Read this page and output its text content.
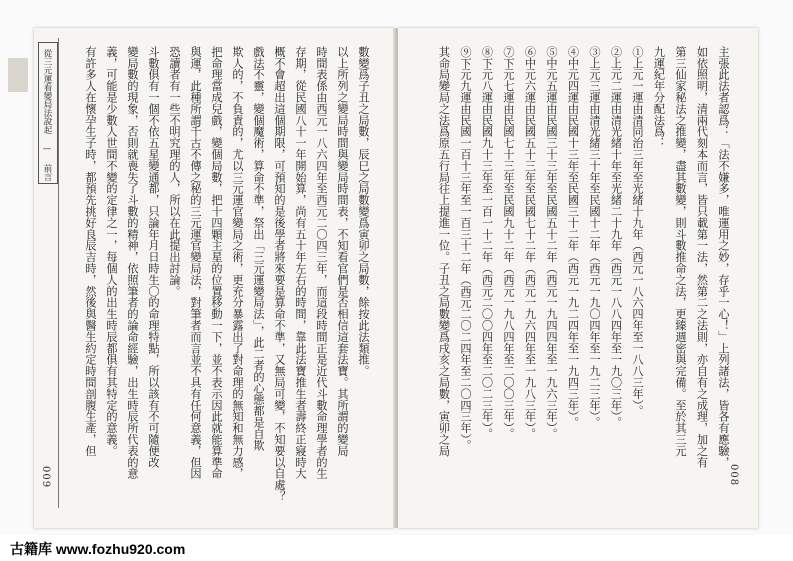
從三元運看變局法說起 — 前言
009
數變爲子丑之局數，辰巳之局數變爲寅卯之局數，餘按此法類推。
以上所列之變局時間與變局時間表，不知看官們是否相信這套法寶。其所謂的變局
時間表係由西元一八六四年至西元二〇四三年，而這段時間正是近代斗數命理學者的生
存期，從民國八十一年開始算，尚有五十年左右的時間，靠此法寶推生者壽終正寢時大
概不會超出這個期限，可預知的是後學者將來要是算命不準，又無局可變，不知要以自處？
戲法不靈，變個魔術，算命不準，祭出「三元運變局法」，此二者的心態都是自欺
欺人的，不負責的，尤以三元運官變局之術，更充分暴露出了對命理的無知和無力感，
把命理當成兒戲，變個局數，把十四顆主星的位置移動一下，並不表示因此就能算準命
與運，此種所謂千古不傳之秘的三元運官變局法，對筆者而言並不具有任何意義，但因
恐讀者有一些不明究理的人，所以在此提出討論。
斗數俱有一個不依五星變通都，只論年月日時生〇的命理特點，所以該有不可隨便改
變局數的現象，否則就喪失了斗數的精神，依照筆者的論命經驗，出生時辰所代表的意
義，可能是少數人世間不變的定律之一，每個人的出生時辰都俱有其特定的意義。
有許多人在懷孕生子時，都預先挑好良辰吉時，然後與醫生約定時間剖腹生產，但
008
主張此法者認爲：「法不嫌多，唯運用之妙，存乎一心！」上列諸法，皆各有應驗，
如依照明，清兩代刻本而言，皆只載第一法，然第二之法則，亦自有之成理，加之有
第三仙家秘法之推變，盡其數變，則斗數推命之法，更臻週密與完備。至於其三元
九運紀年分配法爲：
①上元一運由清同治三年至光緒十九年（西元一八六四年至一八八三年）。
②上元二運由清光緒十年至光緒二十九年（西元一八八四年至一九〇三年）。
③上元三運由清光緒三十年至民國十二年（西元一九〇四年至一九二三年）。
④中元四運由民國十三年至民國三十二年（西元一九二四年至一九四三年）。
⑤中元五運由民國三十三年至民國五十二年（西元一九四四年至一九六三年）。
⑥中元六運由民國五十三年至民國七十二年（西元一九六四年至一九八三年）。
⑦下元七運由民國七十三年至民國九十二年（西元一九八四年至二〇〇三年）。
⑧下元八運由民國九十三年至一百一十二年（西元二〇〇四年至二〇二三年）。
⑨下元九運由民國一百十三年至一百三十二年（西元二〇二四年至二〇四三年）。
其命局變局之法爲原五行局往上提進一位。子丑之局數變爲戌亥之局數，寅卯之局
古籍库 www.fozhu920.com
